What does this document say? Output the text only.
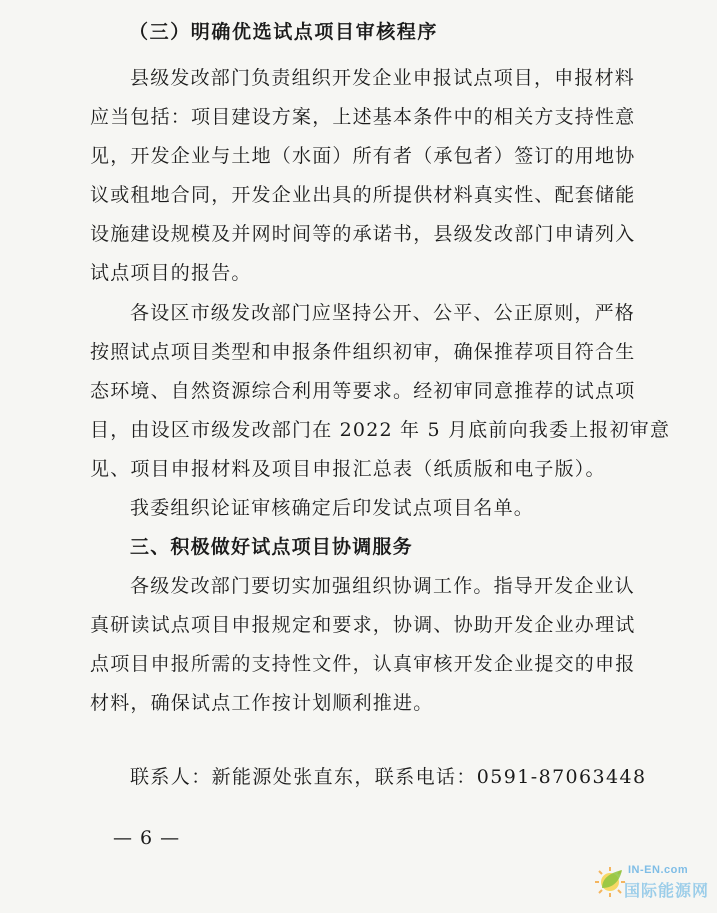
（三）明确优选试点项目审核程序
县级发改部门负责组织开发企业申报试点项目，申报材料
应当包括：项目建设方案，上述基本条件中的相关方支持性意
见，开发企业与土地（水面）所有者（承包者）签订的用地协
议或租地合同，开发企业出具的所提供材料真实性、配套储能
设施建设规模及并网时间等的承诺书，县级发改部门申请列入
试点项目的报告。
各设区市级发改部门应坚持公开、公平、公正原则，严格
按照试点项目类型和申报条件组织初审，确保推荐项目符合生
态环境、自然资源综合利用等要求。经初审同意推荐的试点项
目，由设区市级发改部门在 2022 年 5 月底前向我委上报初审意
见、项目申报材料及项目申报汇总表（纸质版和电子版）。
我委组织论证审核确定后印发试点项目名单。
三、积极做好试点项目协调服务
各级发改部门要切实加强组织协调工作。指导开发企业认
真研读试点项目申报规定和要求，协调、协助开发企业办理试
点项目申报所需的支持性文件，认真审核开发企业提交的申报
材料，确保试点工作按计划顺利推进。
联系人：新能源处张直东，联系电话：0591-87063448
— 6 —
IN-EN.com
国际能源网
